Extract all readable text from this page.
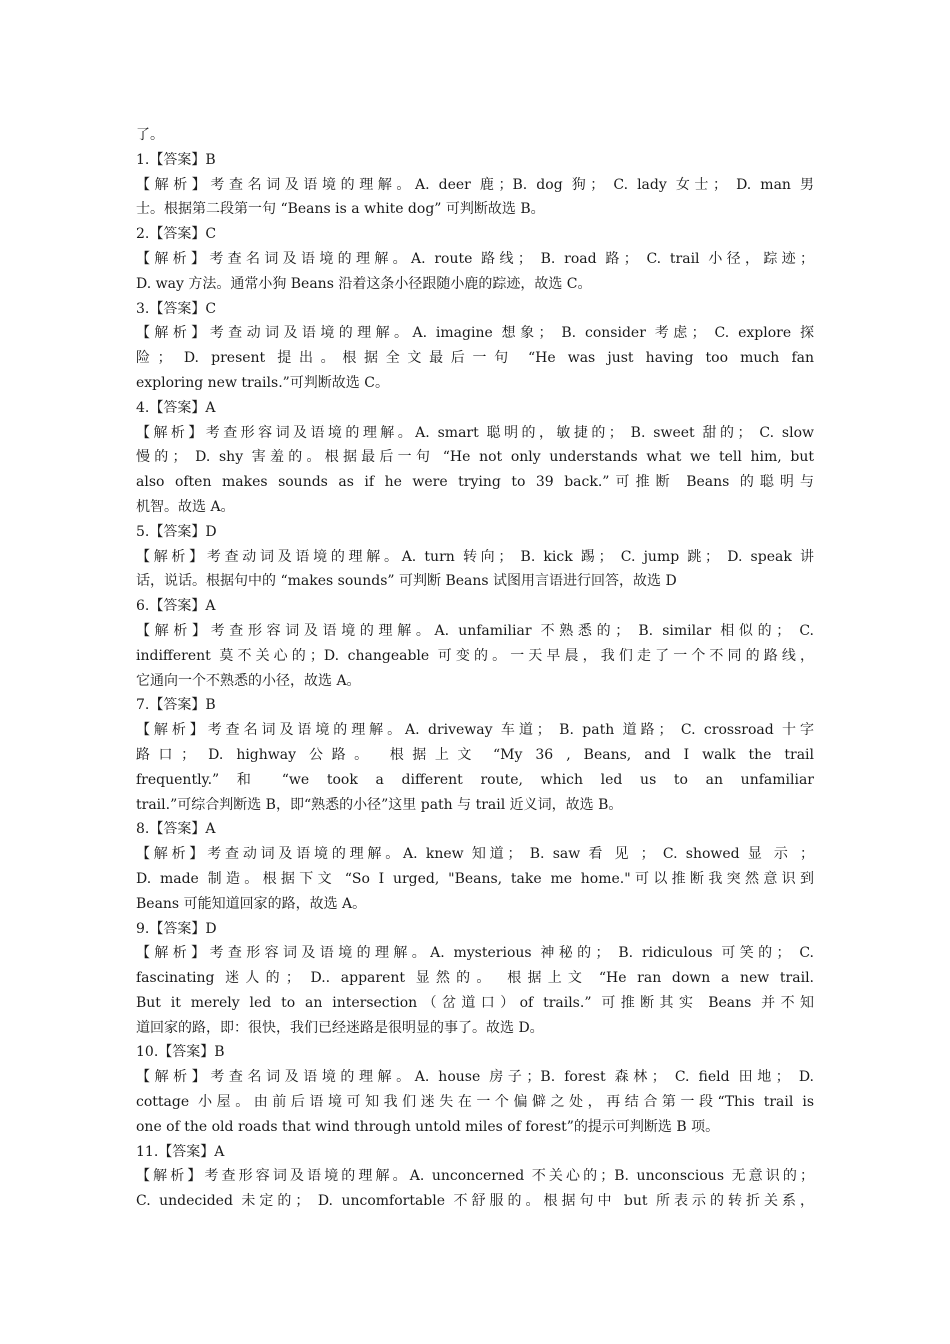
了。
1.【答案】B
【解析】考查名词及语境的理解。A. deer 鹿；B. dog 狗； C. lady 女士； D. man 男
士。根据第二段第一句 “Beans is a white dog” 可判断故选 B。
2.【答案】C
【解析】考查名词及语境的理解。A. route 路线； B. road 路； C. trail 小径，踪迹；
D. way 方法。通常小狗 Beans 沿着这条小径跟随小鹿的踪迹，故选 C。
3.【答案】C
【解析】考查动词及语境的理解。A. imagine 想象； B. consider 考虑； C. explore 探
险； D. present 提出。根据全文最后一句 “He was just having too much fan
exploring new trails.”可判断故选 C。
4.【答案】A
【解析】考查形容词及语境的理解。A. smart 聪明的，敏捷的； B. sweet 甜的； C. slow
慢的； D. shy 害羞的。根据最后一句 “He not only understands what we tell him, but
also often makes sounds as if he were trying to 39 back.”可推断 Beans 的聪明与
机智。故选 A。
5.【答案】D
【解析】考查动词及语境的理解。A. turn 转向； B. kick 踢； C. jump 跳； D. speak 讲
话，说话。根据句中的 “makes sounds” 可判断 Beans 试图用言语进行回答，故选 D
6.【答案】A
【解析】考查形容词及语境的理解。A. unfamiliar 不熟悉的； B. similar 相似的； C.
indifferent 莫不关心的；D. changeable 可变的。一天早晨，我们走了一个不同的路线，
它通向一个不熟悉的小径，故选 A。
7.【答案】B
【解析】考查名词及语境的理解。A. driveway 车道； B. path 道路； C. crossroad 十字
路口； D. highway 公路。 根据上文 “My 36 , Beans, and I walk the trail
frequently.” 和 “we took a different route, which led us to an unfamiliar
trail.”可综合判断选 B，即“熟悉的小径”这里 path 与 trail 近义词，故选 B。
8.【答案】A
【解析】考查动词及语境的理解。A. knew 知道； B. saw 看 见 ； C. showed 显 示 ；
D. made 制造。根据下文 “So I urged, "Beans, take me home."可以推断我突然意识到
Beans 可能知道回家的路，故选 A。
9.【答案】D
【解析】考查形容词及语境的理解。A. mysterious 神秘的； B. ridiculous 可笑的； C.
fascinating 迷人的； D.. apparent 显然的。 根据上文 “He ran down a new trail.
But it merely led to an intersection（岔道口）of trails.” 可推断其实 Beans 并不知
道回家的路，即：很快，我们已经迷路是很明显的事了。故选 D。
10.【答案】B
【解析】考查名词及语境的理解。A. house 房子；B. forest 森林； C. field 田地； D.
cottage 小屋。由前后语境可知我们迷失在一个偏僻之处，再结合第一段“This trail is
one of the old roads that wind through untold miles of forest”的提示可判断选 B 项。
11.【答案】A
【解析】考查形容词及语境的理解。A. unconcerned 不关心的；B. unconscious 无意识的；
C. undecided 未定的； D. uncomfortable 不舒服的。根据句中 but 所表示的转折关系，
